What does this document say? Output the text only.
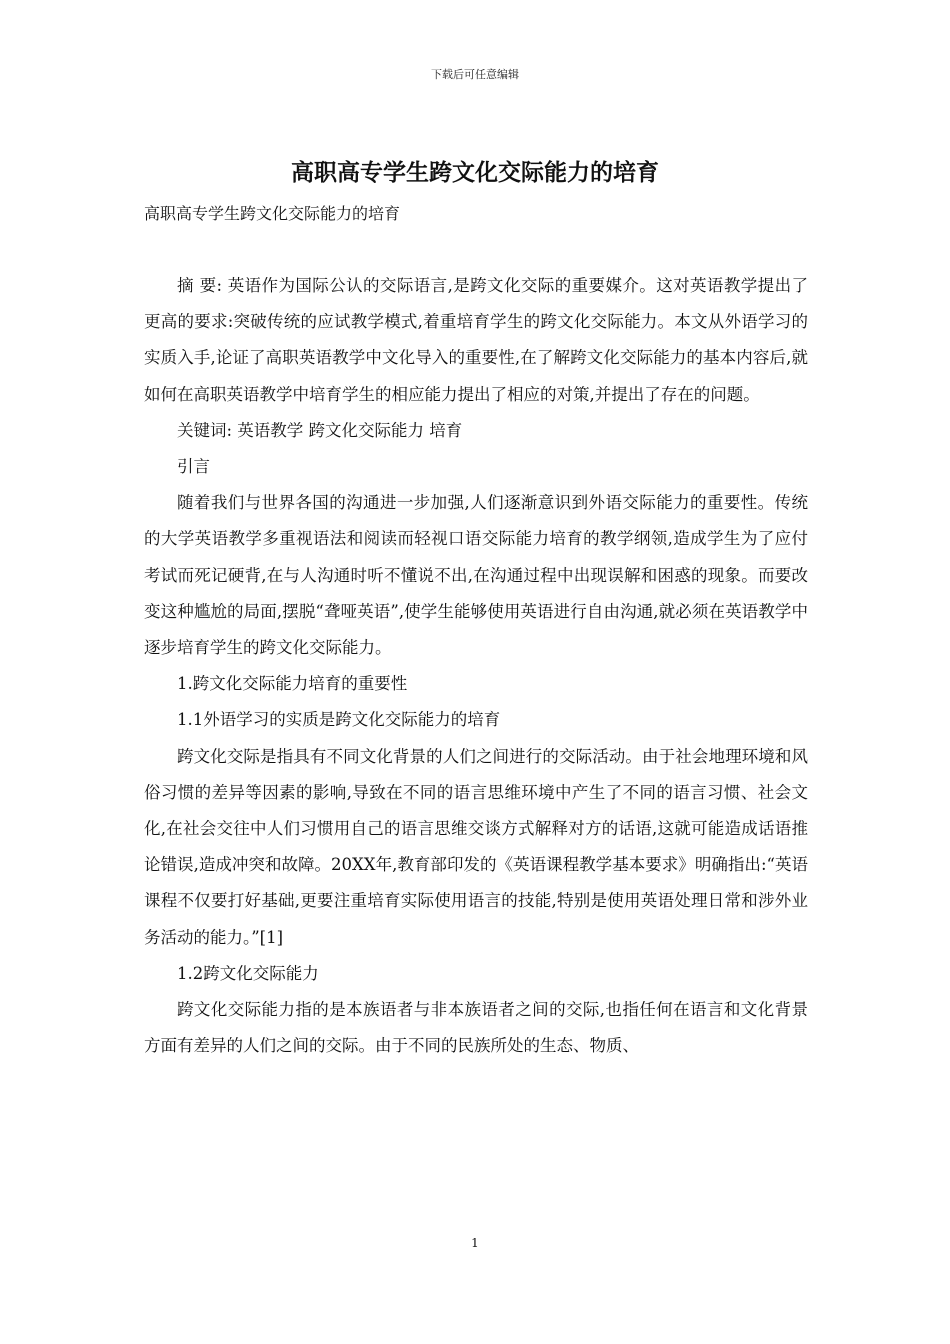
下载后可任意编辑
高职高专学生跨文化交际能力的培育
高职高专学生跨文化交际能力的培育

摘 要: 英语作为国际公认的交际语言,是跨文化交际的重要媒介。这对英语教学提出了更高的要求:突破传统的应试教学模式,着重培育学生的跨文化交际能力。本文从外语学习的实质入手,论证了高职英语教学中文化导入的重要性,在了解跨文化交际能力的基本内容后,就如何在高职英语教学中培育学生的相应能力提出了相应的对策,并提出了存在的问题。

关键词: 英语教学 跨文化交际能力 培育

引言

随着我们与世界各国的沟通进一步加强,人们逐渐意识到外语交际能力的重要性。传统的大学英语教学多重视语法和阅读而轻视口语交际能力培育的教学纲领,造成学生为了应付考试而死记硬背,在与人沟通时听不懂说不出,在沟通过程中出现误解和困惑的现象。而要改变这种尴尬的局面,摆脱“聋哑英语”,使学生能够使用英语进行自由沟通,就必须在英语教学中逐步培育学生的跨文化交际能力。

1.跨文化交际能力培育的重要性

1.1外语学习的实质是跨文化交际能力的培育

跨文化交际是指具有不同文化背景的人们之间进行的交际活动。由于社会地理环境和风俗习惯的差异等因素的影响,导致在不同的语言思维环境中产生了不同的语言习惯、社会文化,在社会交往中人们习惯用自己的语言思维交谈方式解释对方的话语,这就可能造成话语推论错误,造成冲突和故障。20XX年,教育部印发的《英语课程教学基本要求》明确指出:“英语课程不仅要打好基础,更要注重培育实际使用语言的技能,特别是使用英语处理日常和涉外业务活动的能力。”[1]

1.2跨文化交际能力

跨文化交际能力指的是本族语者与非本族语者之间的交际,也指任何在语言和文化背景方面有差异的人们之间的交际。由于不同的民族所处的生态、物质、

1
